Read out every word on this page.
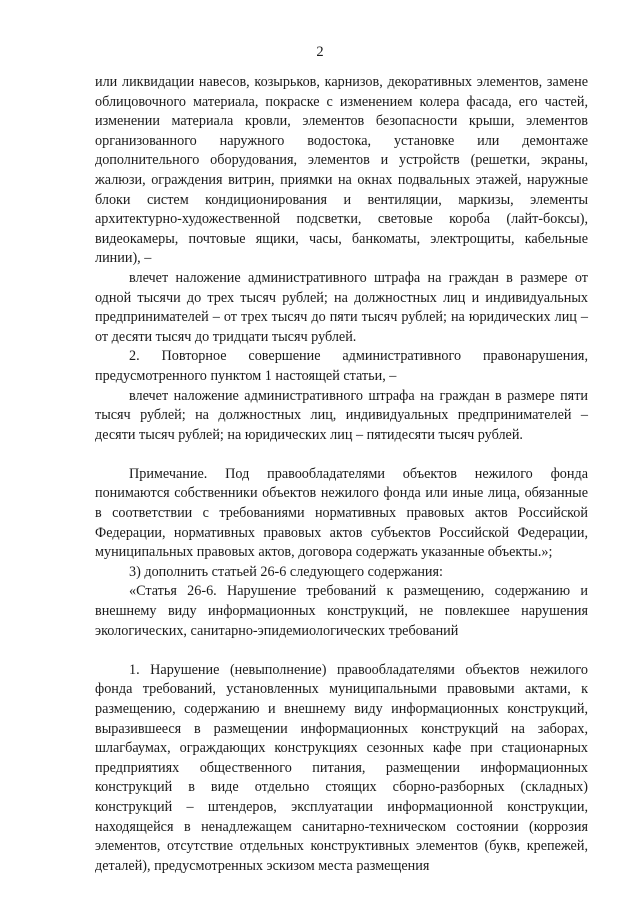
2

или ликвидации навесов, козырьков, карнизов, декоративных элементов, замене облицовочного материала, покраске с изменением колера фасада, его частей, изменении материала кровли, элементов безопасности крыши, элементов организованного наружного водостока, установке или демонтаже дополнительного оборудования, элементов и устройств (решетки, экраны, жалюзи, ограждения витрин, приямки на окнах подвальных этажей, наружные блоки систем кондиционирования и вентиляции, маркизы, элементы архитектурно-художественной подсветки, световые короба (лайт-боксы), видеокамеры, почтовые ящики, часы, банкоматы, электрощиты, кабельные линии), –

влечет наложение административного штрафа на граждан в размере от одной тысячи до трех тысяч рублей; на должностных лиц и индивидуальных предпринимателей – от трех тысяч до пяти тысяч рублей; на юридических лиц – от десяти тысяч до тридцати тысяч рублей.

2. Повторное совершение административного правонарушения, предусмотренного пунктом 1 настоящей статьи, –

влечет наложение административного штрафа на граждан в размере пяти тысяч рублей; на должностных лиц, индивидуальных предпринимателей – десяти тысяч рублей; на юридических лиц – пятидесяти тысяч рублей.

Примечание. Под правообладателями объектов нежилого фонда понимаются собственники объектов нежилого фонда или иные лица, обязанные в соответствии с требованиями нормативных правовых актов Российской Федерации, нормативных правовых актов субъектов Российской Федерации, муниципальных правовых актов, договора содержать указанные объекты.»;

3) дополнить статьей 26-6 следующего содержания:

«Статья 26-6. Нарушение требований к размещению, содержанию и внешнему виду информационных конструкций, не повлекшее нарушения экологических, санитарно-эпидемиологических требований

1. Нарушение (невыполнение) правообладателями объектов нежилого фонда требований, установленных муниципальными правовыми актами, к размещению, содержанию и внешнему виду информационных конструкций, выразившееся в размещении информационных конструкций на заборах, шлагбаумах, ограждающих конструкциях сезонных кафе при стационарных предприятиях общественного питания, размещении информационных конструкций в виде отдельно стоящих сборно-разборных (складных) конструкций – штендеров, эксплуатации информационной конструкции, находящейся в ненадлежащем санитарно-техническом состоянии (коррозия элементов, отсутствие отдельных конструктивных элементов (букв, крепежей, деталей), предусмотренных эскизом места размещения
